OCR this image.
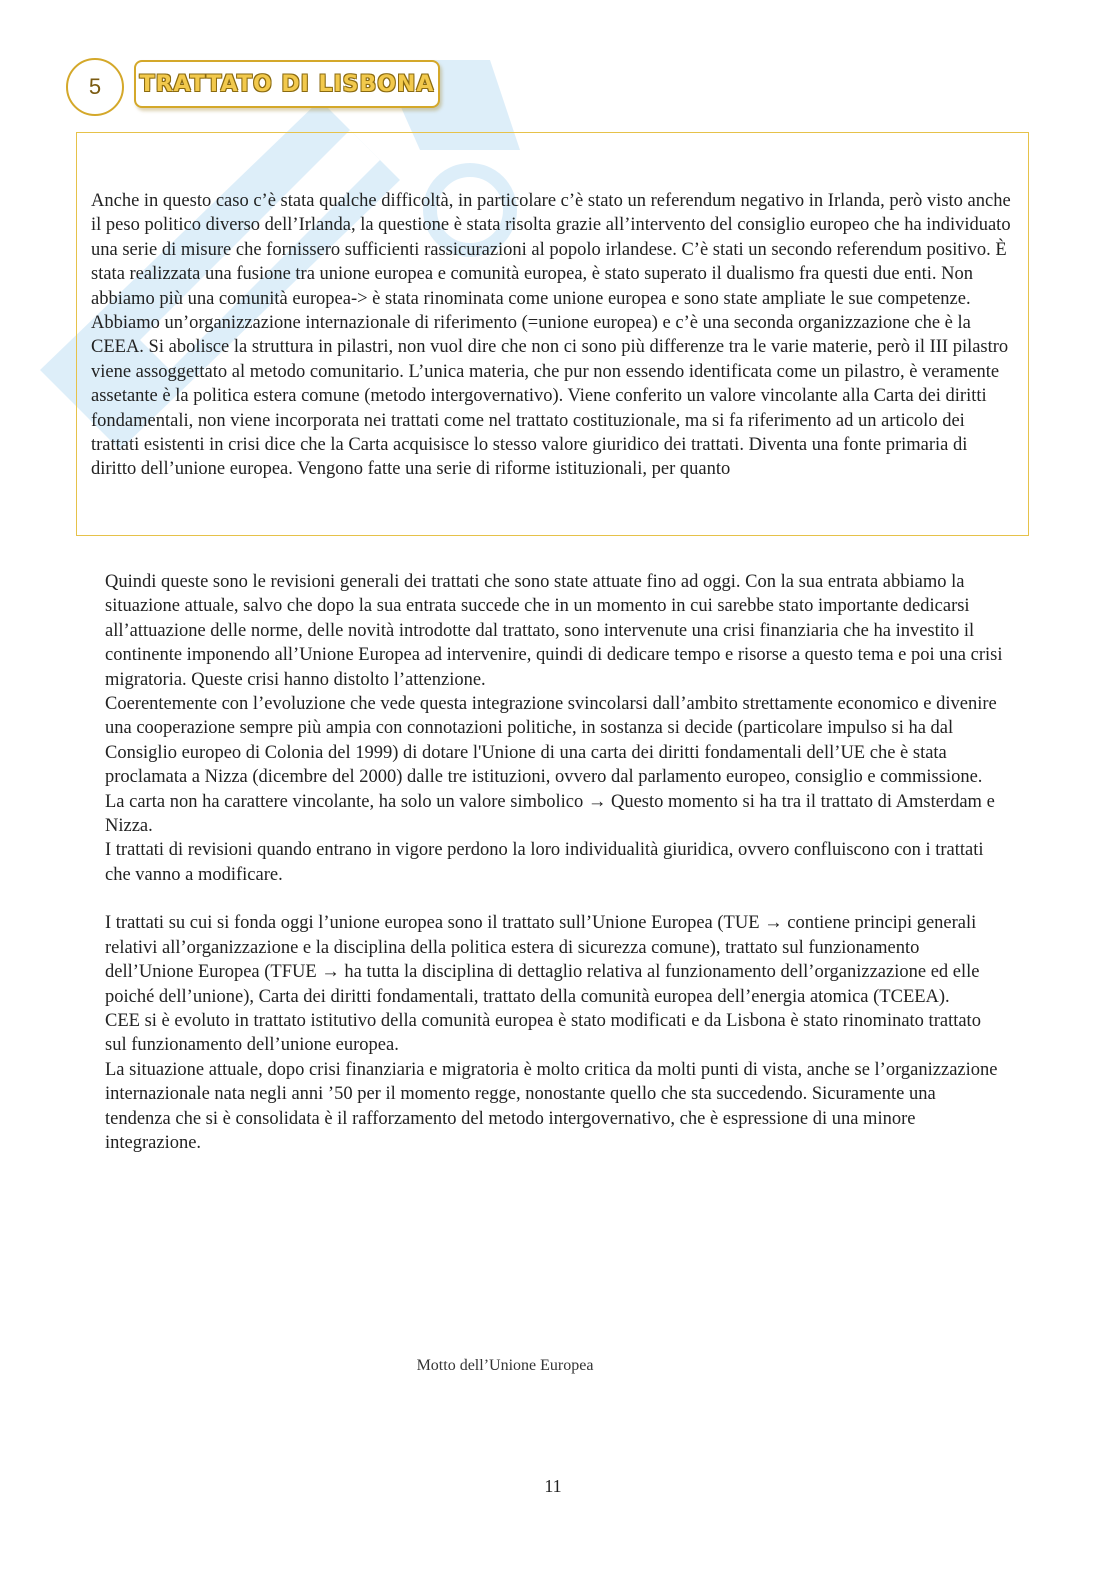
5 TRATTATO DI LISBONA

Anche in questo caso c’è stata qualche difficoltà, in particolare c’è stato un referendum negativo in Irlanda, però visto anche il peso politico diverso dell’Irlanda, la questione è stata risolta grazie all’intervento del consiglio europeo che ha individuato una serie di misure che fornissero sufficienti rassicurazioni al popolo irlandese. C’è stati un secondo referendum positivo. È stata realizzata una fusione tra unione europea e comunità europea, è stato superato il dualismo fra questi due enti. Non abbiamo più una comunità europea-> è stata rinominata come unione europea e sono state ampliate le sue competenze. Abbiamo un’organizzazione internazionale di riferimento (=unione europea) e c’è una seconda organizzazione che è la CEEA. Si abolisce la struttura in pilastri, non vuol dire che non ci sono più differenze tra le varie materie, però il III pilastro viene assoggettato al metodo comunitario. L’unica materia, che pur non essendo identificata come un pilastro, è veramente assetante è la politica estera comune (metodo intergovernativo). Viene conferito un valore vincolante alla Carta dei diritti fondamentali, non viene incorporata nei trattati come nel trattato costituzionale, ma si fa riferimento ad un articolo dei trattati esistenti in crisi dice che la Carta acquisisce lo stesso valore giuridico dei trattati. Diventa una fonte primaria di diritto dell’unione europea. Vengono fatte una serie di riforme istituzionali, per quanto

Quindi queste sono le revisioni generali dei trattati che sono state attuate fino ad oggi. Con la sua entrata abbiamo la situazione attuale, salvo che dopo la sua entrata succede che in un momento in cui sarebbe stato importante dedicarsi all’attuazione delle norme, delle novità introdotte dal trattato, sono intervenute una crisi finanziaria che ha investito il continente imponendo all’Unione Europea ad intervenire, quindi di dedicare tempo e risorse a questo tema e poi una crisi migratoria. Queste crisi hanno distolto l’attenzione.

Coerentemente con l’evoluzione che vede questa integrazione svincolarsi dall’ambito strettamente economico e divenire una cooperazione sempre più ampia con connotazioni politiche, in sostanza si decide (particolare impulso si ha dal Consiglio europeo di Colonia del 1999) di dotare l'Unione di una carta dei diritti fondamentali dell’UE che è stata proclamata a Nizza (dicembre del 2000) dalle tre istituzioni, ovvero dal parlamento europeo, consiglio e commissione. La carta non ha carattere vincolante, ha solo un valore simbolico → Questo momento si ha tra il trattato di Amsterdam e Nizza.

I trattati di revisioni quando entrano in vigore perdono la loro individualità giuridica, ovvero confluiscono con i trattati che vanno a modificare.

I trattati su cui si fonda oggi l’unione europea sono il trattato sull’Unione Europea (TUE → contiene principi generali relativi all’organizzazione e la disciplina della politica estera di sicurezza comune), trattato sul funzionamento dell’Unione Europea (TFUE → ha tutta la disciplina di dettaglio relativa al funzionamento dell’organizzazione ed elle poiché dell’unione), Carta dei diritti fondamentali, trattato della comunità europea dell’energia atomica (TCEEA).

CEE si è evoluto in trattato istitutivo della comunità europea è stato modificati e da Lisbona è stato rinominato trattato sul funzionamento dell’unione europea.

La situazione attuale, dopo crisi finanziaria e migratoria è molto critica da molti punti di vista, anche se l’organizzazione internazionale nata negli anni ’50 per il momento regge, nonostante quello che sta succedendo. Sicuramente una tendenza che si è consolidata è il rafforzamento del metodo intergovernativo, che è espressione di una minore integrazione.

Motto dell’Unione Europea
11
